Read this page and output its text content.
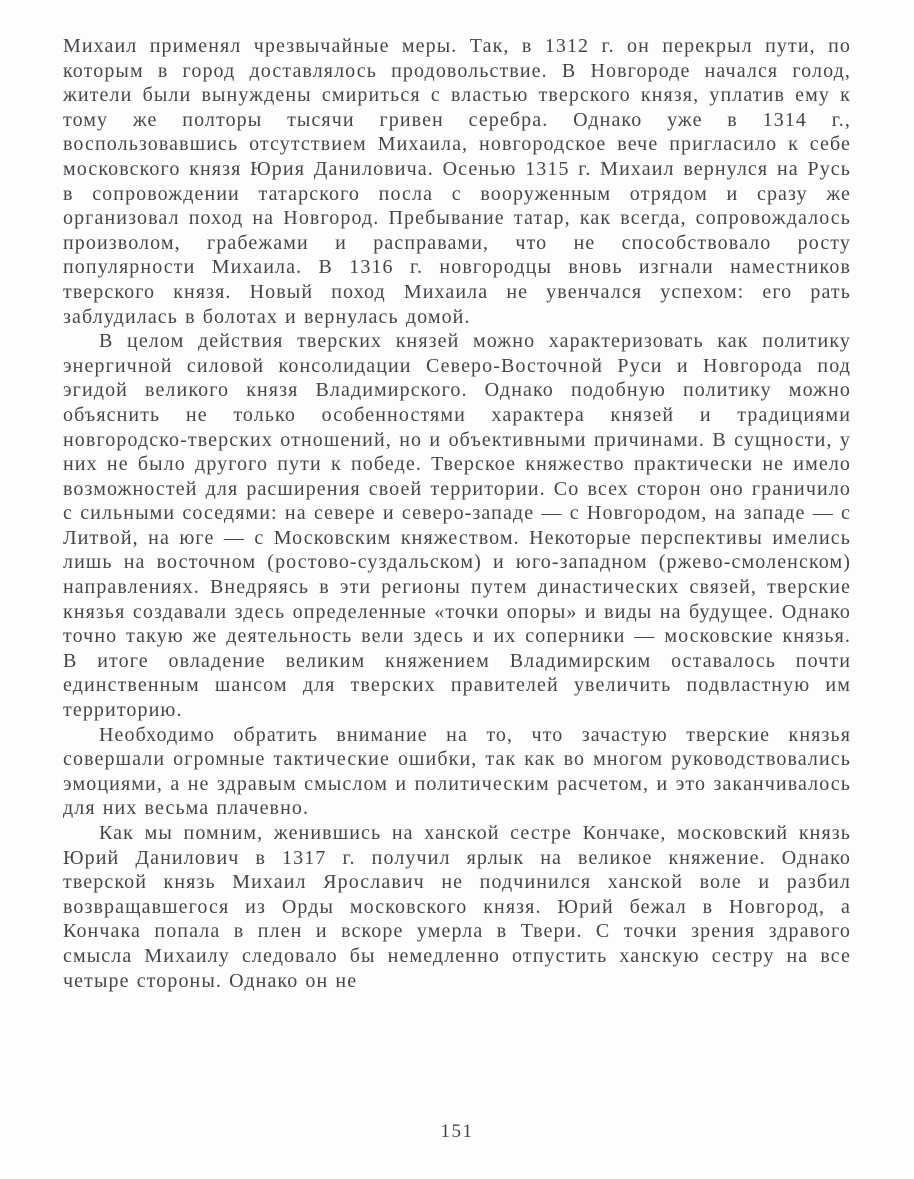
Михаил применял чрезвычайные меры. Так, в 1312 г. он перекрыл пути, по которым в город доставлялось продовольствие. В Новгороде начался голод, жители были вынуждены смириться с властью тверского князя, уплатив ему к тому же полторы тысячи гривен серебра. Однако уже в 1314 г., воспользовавшись отсутствием Михаила, новгородское вече пригласило к себе московского князя Юрия Даниловича. Осенью 1315 г. Михаил вернулся на Русь в сопровождении татарского посла с вооруженным отрядом и сразу же организовал поход на Новгород. Пребывание татар, как всегда, сопровождалось произволом, грабежами и расправами, что не способствовало росту популярности Михаила. В 1316 г. новгородцы вновь изгнали наместников тверского князя. Новый поход Михаила не увенчался успехом: его рать заблудилась в болотах и вернулась домой.

В целом действия тверских князей можно характеризовать как политику энергичной силовой консолидации Северо-Восточной Руси и Новгорода под эгидой великого князя Владимирского. Однако подобную политику можно объяснить не только особенностями характера князей и традициями новгородско-тверских отношений, но и объективными причинами. В сущности, у них не было другого пути к победе. Тверское княжество практически не имело возможностей для расширения своей территории. Со всех сторон оно граничило с сильными соседями: на севере и северо-западе — с Новгородом, на западе — с Литвой, на юге — с Московским княжеством. Некоторые перспективы имелись лишь на восточном (ростово-суздальском) и юго-западном (ржево-смоленском) направлениях. Внедряясь в эти регионы путем династических связей, тверские князья создавали здесь определенные «точки опоры» и виды на будущее. Однако точно такую же деятельность вели здесь и их соперники — московские князья. В итоге овладение великим княжением Владимирским оставалось почти единственным шансом для тверских правителей увеличить подвластную им территорию.

Необходимо обратить внимание на то, что зачастую тверские князья совершали огромные тактические ошибки, так как во многом руководствовались эмоциями, а не здравым смыслом и политическим расчетом, и это заканчивалось для них весьма плачевно.

Как мы помним, женившись на ханской сестре Кончаке, московский князь Юрий Данилович в 1317 г. получил ярлык на великое княжение. Однако тверской князь Михаил Ярославич не подчинился ханской воле и разбил возвращавшегося из Орды московского князя. Юрий бежал в Новгород, а Кончака попала в плен и вскоре умерла в Твери. С точки зрения здравого смысла Михаилу следовало бы немедленно отпустить ханскую сестру на все четыре стороны. Однако он не

151
